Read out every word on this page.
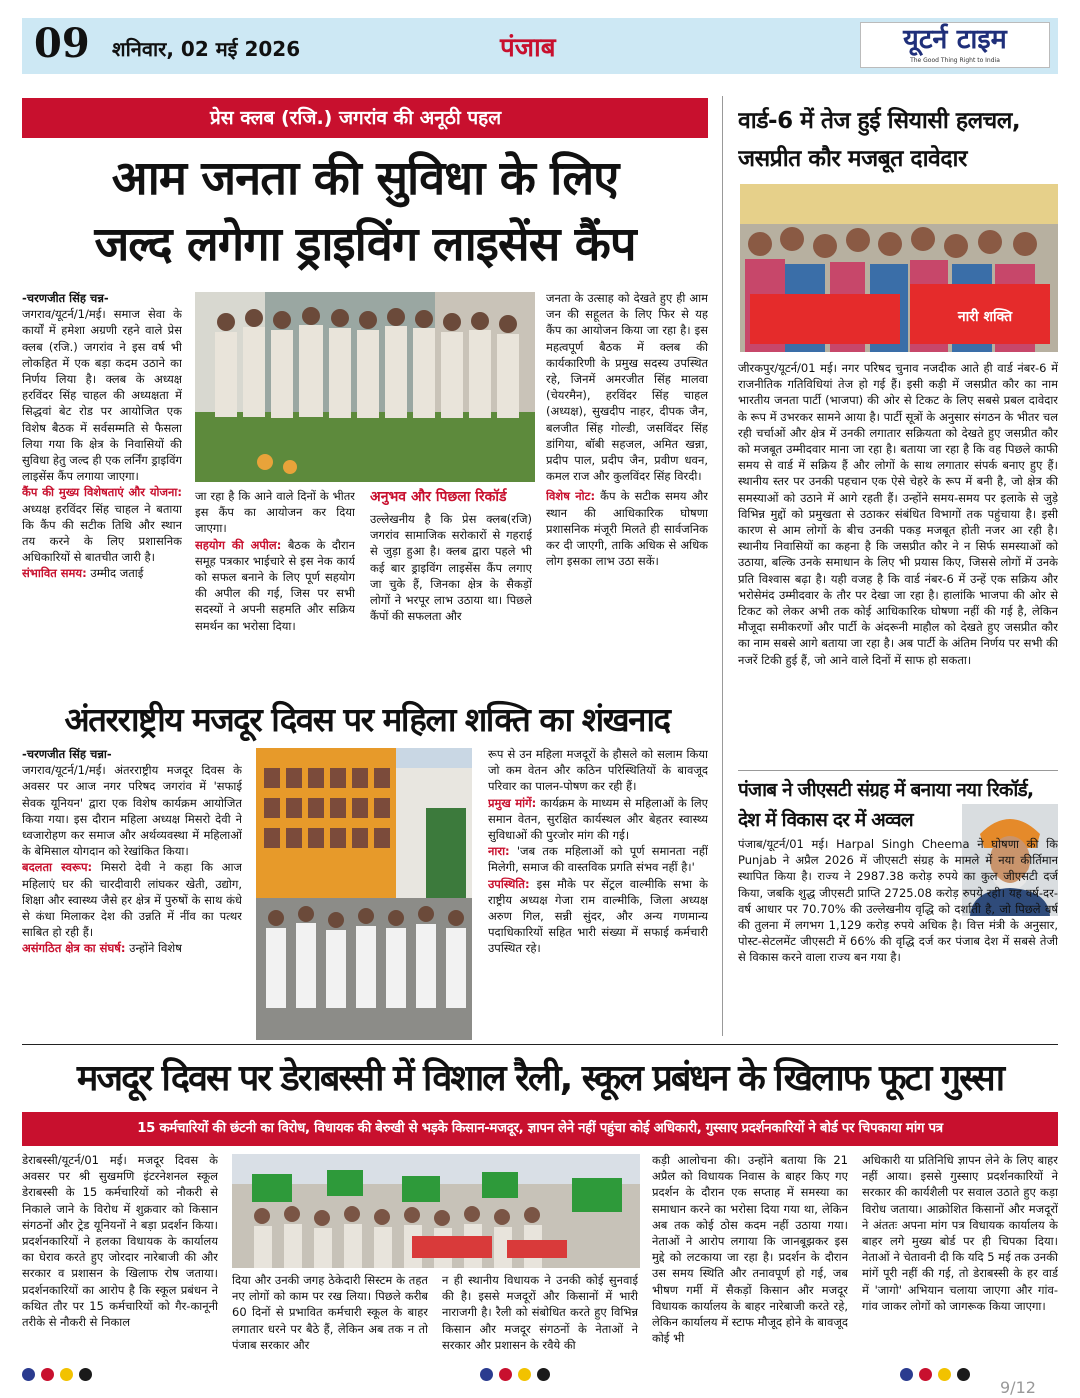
09 शनिवार, 02 मई 2026	पंजाब	यूटर्न टाइम
The Good Thing Right to India
प्रेस क्लब (रजि.) जगरांव की अनूठी पहल
आम जनता की सुविधा के लिए
जल्द लगेगा ड्राइविंग लाइसेंस कैंप

-चरणजीत सिंह चन्न-

जगराव/यूटर्न/1/मई। समाज सेवा के कार्यों में हमेशा अग्रणी रहने वाले प्रेस क्लब (रजि.) जगरांव ने इस वर्ष भी लोकहित में एक बड़ा कदम उठाने का निर्णय लिया है। क्लब के अध्यक्ष हरविंदर सिंह चाहल की अध्यक्षता में सिद्धवां बेट रोड पर आयोजित एक विशेष बैठक में सर्वसम्मति से फैसला लिया गया कि क्षेत्र के निवासियों की सुविधा हेतु जल्द ही एक लर्निंग ड्राइविंग लाइसेंस कैंप लगाया जाएगा।

कैंप की मुख्य विशेषताएं और योजना: अध्यक्ष हरविंदर सिंह चाहल ने बताया कि कैंप की सटीक तिथि और स्थान तय करने के लिए प्रशासनिक अधिकारियों से बातचीत जारी है।

संभावित समय: उम्मीद जताई

जा रहा है कि आने वाले दिनों के भीतर इस कैंप का आयोजन कर दिया जाएगा।

सहयोग की अपील: बैठक के दौरान समूह पत्रकार भाईचारे से इस नेक कार्य को सफल बनाने के लिए पूर्ण सहयोग की अपील की गई, जिस पर सभी सदस्यों ने अपनी सहमति और सक्रिय समर्थन का भरोसा दिया।

अनुभव और पिछला रिकॉर्ड

उल्लेखनीय है कि प्रेस क्लब(रजि) जगरांव सामाजिक सरोकारों से गहराई से जुड़ा हुआ है। क्लब द्वारा पहले भी कई बार ड्राइविंग लाइसेंस कैंप लगाए जा चुके हैं, जिनका क्षेत्र के सैकड़ों लोगों ने भरपूर लाभ उठाया था। पिछले कैंपों की सफलता और

जनता के उत्साह को देखते हुए ही आम जन की सहूलत के लिए फिर से यह कैंप का आयोजन किया जा रहा है। इस महत्वपूर्ण बैठक में क्लब की कार्यकारिणी के प्रमुख सदस्य उपस्थित रहे, जिनमें अमरजीत सिंह मालवा (चेयरमैन), हरविंदर सिंह चाहल (अध्यक्ष), सुखदीप नाहर, दीपक जैन, बलजीत सिंह गोल्डी, जसविंदर सिंह डांगिया, बॉबी सहजल, अमित खन्ना, प्रदीप पाल, प्रदीप जैन, प्रवीण धवन, कमल राज और कुलविंदर सिंह विरदी।

विशेष नोट: कैंप के सटीक समय और स्थान की आधिकारिक घोषणा प्रशासनिक मंजूरी मिलते ही सार्वजनिक कर दी जाएगी, ताकि अधिक से अधिक लोग इसका लाभ उठा सकें।

वार्ड-6 में तेज हुई सियासी हलचल,
जसप्रीत कौर मजबूत दावेदार
नारी शक्ति
जीरकपुर/यूटर्न/01 मई। नगर परिषद चुनाव नजदीक आते ही वार्ड नंबर-6 में राजनीतिक गतिविधियां तेज हो गई हैं। इसी कड़ी में जसप्रीत कौर का नाम भारतीय जनता पार्टी (भाजपा) की ओर से टिकट के लिए सबसे प्रबल दावेदार के रूप में उभरकर सामने आया है। पार्टी सूत्रों के अनुसार संगठन के भीतर चल रही चर्चाओं और क्षेत्र में उनकी लगातार सक्रियता को देखते हुए जसप्रीत कौर को मजबूत उम्मीदवार माना जा रहा है। बताया जा रहा है कि वह पिछले काफी समय से वार्ड में सक्रिय हैं और लोगों के साथ लगातार संपर्क बनाए हुए हैं। स्थानीय स्तर पर उनकी पहचान एक ऐसे चेहरे के रूप में बनी है, जो क्षेत्र की समस्याओं को उठाने में आगे रहती हैं। उन्होंने समय-समय पर इलाके से जुड़े विभिन्न मुद्दों को प्रमुखता से उठाकर संबंधित विभागों तक पहुंचाया है। इसी कारण से आम लोगों के बीच उनकी पकड़ मजबूत होती नजर आ रही है। स्थानीय निवासियों का कहना है कि जसप्रीत कौर ने न सिर्फ समस्याओं को उठाया, बल्कि उनके समाधान के लिए भी प्रयास किए, जिससे लोगों में उनके प्रति विश्वास बढ़ा है। यही वजह है कि वार्ड नंबर-6 में उन्हें एक सक्रिय और भरोसेमंद उम्मीदवार के तौर पर देखा जा रहा है। हालांकि भाजपा की ओर से टिकट को लेकर अभी तक कोई आधिकारिक घोषणा नहीं की गई है, लेकिन मौजूदा समीकरणों और पार्टी के अंदरूनी माहौल को देखते हुए जसप्रीत कौर का नाम सबसे आगे बताया जा रहा है। अब पार्टी के अंतिम निर्णय पर सभी की नजरें टिकी हुई हैं, जो आने वाले दिनों में साफ हो सकता।
अंतरराष्ट्रीय मजदूर दिवस पर महिला शक्ति का शंखनाद

-चरणजीत सिंह चन्ना-

जगराव/यूटर्न/1/मई। अंतरराष्ट्रीय मजदूर दिवस के अवसर पर आज नगर परिषद जगरांव में 'सफाई सेवक यूनियन' द्वारा एक विशेष कार्यक्रम आयोजित किया गया। इस दौरान महिला अध्यक्ष मिसरो देवी ने ध्वजारोहण कर समाज और अर्थव्यवस्था में महिलाओं के बेमिसाल योगदान को रेखांकित किया।

बदलता स्वरूप: मिसरो देवी ने कहा कि आज महिलाएं घर की चारदीवारी लांघकर खेती, उद्योग, शिक्षा और स्वास्थ्य जैसे हर क्षेत्र में पुरुषों के साथ कंधे से कंधा मिलाकर देश की उन्नति में नींव का पत्थर साबित हो रही हैं।

असंगठित क्षेत्र का संघर्ष: उन्होंने विशेष

रूप से उन महिला मजदूरों के हौसले को सलाम किया जो कम वेतन और कठिन परिस्थितियों के बावजूद परिवार का पालन-पोषण कर रही हैं।

प्रमुख मांगें: कार्यक्रम के माध्यम से महिलाओं के लिए समान वेतन, सुरक्षित कार्यस्थल और बेहतर स्वास्थ्य सुविधाओं की पुरजोर मांग की गई।

नारा: 'जब तक महिलाओं को पूर्ण समानता नहीं मिलेगी, समाज की वास्तविक प्रगति संभव नहीं है।'

उपस्थिति: इस मौके पर सेंट्रल वाल्मीकि सभा के राष्ट्रीय अध्यक्ष गेजा राम वाल्मीकि, जिला अध्यक्ष अरुण गिल, सन्नी सुंदर, और अन्य गणमान्य पदाधिकारियों सहित भारी संख्या में सफाई कर्मचारी उपस्थित रहे।

पंजाब ने जीएसटी संग्रह में बनाया नया रिकॉर्ड,
देश में विकास दर में अव्वल
पंजाब/यूटर्न/01 मई। Harpal Singh Cheema ने घोषणा की कि Punjab ने अप्रैल 2026 में जीएसटी संग्रह के मामले में नया कीर्तिमान स्थापित किया है। राज्य ने 2987.38 करोड़ रुपये का कुल जीएसटी दर्ज किया, जबकि शुद्ध जीएसटी प्राप्ति 2725.08 करोड़ रुपये रही। यह वर्ष-दर-वर्ष आधार पर 70.70% की उल्लेखनीय वृद्धि को दर्शाती है, जो पिछले वर्ष की तुलना में लगभग 1,129 करोड़ रुपये अधिक है। वित्त मंत्री के अनुसार, पोस्ट-सेटलमेंट जीएसटी में 66% की वृद्धि दर्ज कर पंजाब देश में सबसे तेजी से विकास करने वाला राज्य बन गया है।
मजदूर दिवस पर डेराबस्सी में विशाल रैली, स्कूल प्रबंधन के खिलाफ फूटा गुस्सा
15 कर्मचारियों की छंटनी का विरोध, विधायक की बेरुखी से भड़के किसान-मजदूर, ज्ञापन लेने नहीं पहुंचा कोई अधिकारी, गुस्साए प्रदर्शनकारियों ने बोर्ड पर चिपकाया मांग पत्र
डेराबस्सी/यूटर्न/01 मई। मजदूर दिवस के अवसर पर श्री सुखमणि इंटरनेशनल स्कूल डेराबस्सी के 15 कर्मचारियों को नौकरी से निकाले जाने के विरोध में शुक्रवार को किसान संगठनों और ट्रेड यूनियनों ने बड़ा प्रदर्शन किया। प्रदर्शनकारियों ने हलका विधायक के कार्यालय का घेराव करते हुए जोरदार नारेबाजी की और सरकार व प्रशासन के खिलाफ रोष जताया। प्रदर्शनकारियों का आरोप है कि स्कूल प्रबंधन ने कथित तौर पर 15 कर्मचारियों को गैर-कानूनी तरीके से नौकरी से निकाल
दिया और उनकी जगह ठेकेदारी सिस्टम के तहत नए लोगों को काम पर रख लिया। पिछले करीब 60 दिनों से प्रभावित कर्मचारी स्कूल के बाहर लगातार धरने पर बैठे हैं, लेकिन अब तक न तो पंजाब सरकार और
न ही स्थानीय विधायक ने उनकी कोई सुनवाई की है। इससे मजदूरों और किसानों में भारी नाराजगी है। रैली को संबोधित करते हुए विभिन्न किसान और मजदूर संगठनों के नेताओं ने सरकार और प्रशासन के रवैये की
कड़ी आलोचना की। उन्होंने बताया कि 21 अप्रैल को विधायक निवास के बाहर किए गए प्रदर्शन के दौरान एक सप्ताह में समस्या का समाधान करने का भरोसा दिया गया था, लेकिन अब तक कोई ठोस कदम नहीं उठाया गया। नेताओं ने आरोप लगाया कि जानबूझकर इस मुद्दे को लटकाया जा रहा है। प्रदर्शन के दौरान उस समय स्थिति और तनावपूर्ण हो गई, जब भीषण गर्मी में सैकड़ों किसान और मजदूर विधायक कार्यालय के बाहर नारेबाजी करते रहे, लेकिन कार्यालय में स्टाफ मौजूद होने के बावजूद कोई भी
अधिकारी या प्रतिनिधि ज्ञापन लेने के लिए बाहर नहीं आया। इससे गुस्साए प्रदर्शनकारियों ने सरकार की कार्यशैली पर सवाल उठाते हुए कड़ा विरोध जताया। आक्रोशित किसानों और मजदूरों ने अंततः अपना मांग पत्र विधायक कार्यालय के बाहर लगे मुख्य बोर्ड पर ही चिपका दिया। नेताओं ने चेतावनी दी कि यदि 5 मई तक उनकी मांगें पूरी नहीं की गई, तो डेराबस्सी के हर वार्ड में 'जागो' अभियान चलाया जाएगा और गांव-गांव जाकर लोगों को जागरूक किया जाएगा।
9/12
